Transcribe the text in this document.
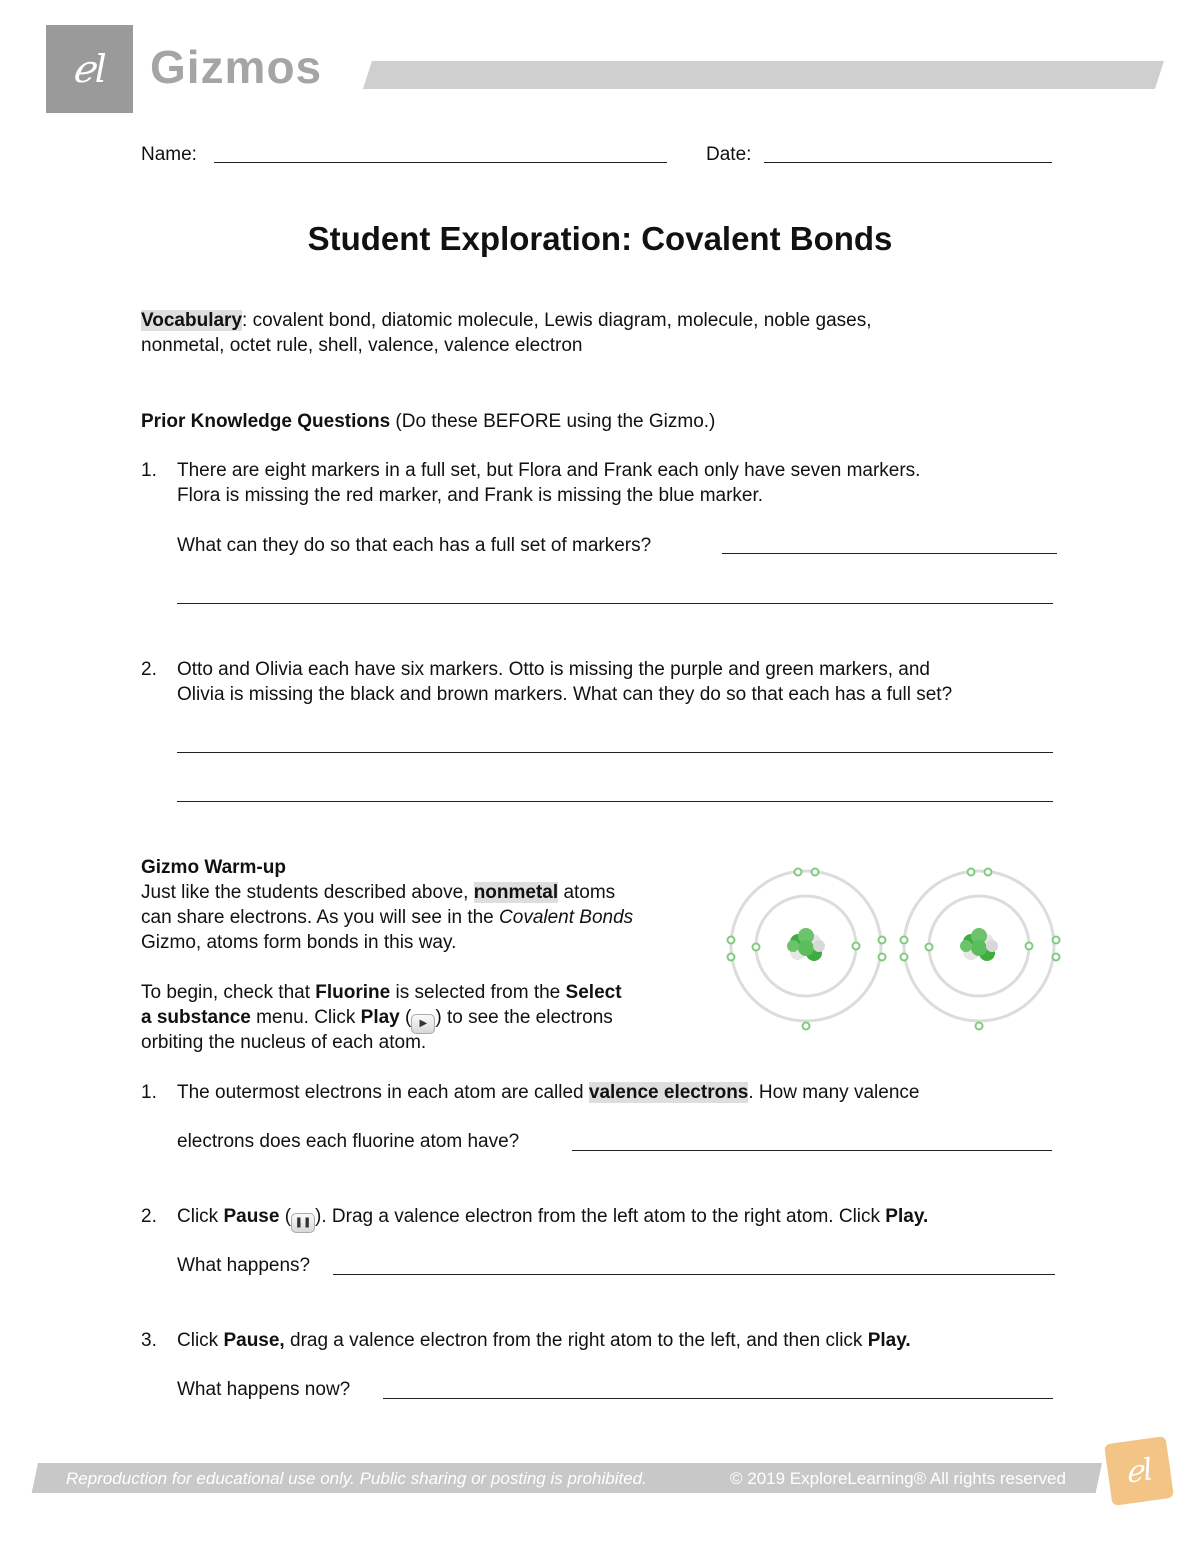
ℯl Gizmos
Name:	Date:
Student Exploration: Covalent Bonds
Vocabulary: covalent bond, diatomic molecule, Lewis diagram, molecule, noble gases,
nonmetal, octet rule, shell, valence, valence electron
Prior Knowledge Questions (Do these BEFORE using the Gizmo.)
1. There are eight markers in a full set, but Flora and Frank each only have seven markers.
Flora is missing the red marker, and Frank is missing the blue marker.
What can they do so that each has a full set of markers?
2. Otto and Olivia each have six markers. Otto is missing the purple and green markers, and
Olivia is missing the black and brown markers. What can they do so that each has a full set?
Gizmo Warm-up
Just like the students described above, nonmetal atoms
can share electrons. As you will see in the Covalent Bonds
Gizmo, atoms form bonds in this way.
To begin, check that Fluorine is selected from the Select
a substance menu. Click Play ( ▶ ) to see the electrons
orbiting the nucleus of each atom.
1. The outermost electrons in each atom are called valence electrons. How many valence
electrons does each fluorine atom have?
2. Click Pause ( ❚❚ ). Drag a valence electron from the left atom to the right atom. Click Play.
What happens?
3. Click Pause, drag a valence electron from the right atom to the left, and then click Play.
What happens now?
Reproduction for educational use only. Public sharing or posting is prohibited.	© 2019 ExploreLearning® All rights reserved	ℯl
